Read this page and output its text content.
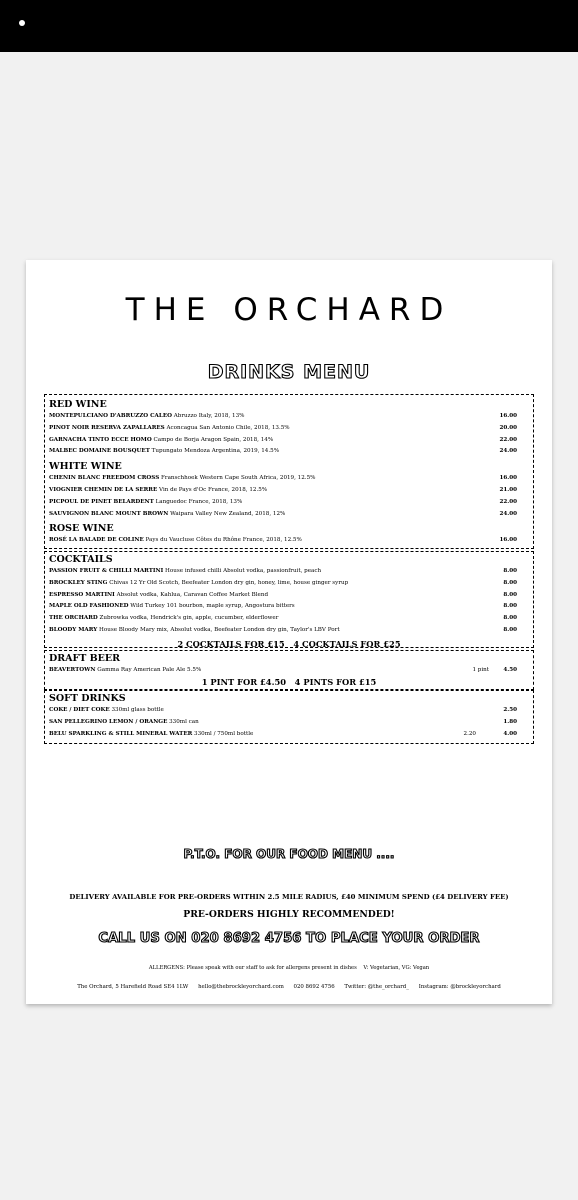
THE ORCHARD
DRINKS MENU
RED WINE
MONTEPULCIANO D'ABRUZZO CALEO Abruzzo Italy, 2018, 13%	16.00
PINOT NOIR RESERVA ZAPALLARES Aconcagua San Antonio Chile, 2018, 13.5%	20.00
GARNACHA TINTO ECCE HOMO Campo de Borja Aragon Spain, 2018, 14%	22.00
MALBEC DOMAINE BOUSQUET Tupungato Mendoza Argentina, 2019, 14.5%	24.00
WHITE WINE
CHENIN BLANC FREEDOM CROSS Franschhoek Western Cape South Africa, 2019, 12.5%	16.00
VIOGNIER CHEMIN DE LA SERRE Vin de Pays d'Oc France, 2018, 12.5%	21.00
PICPOUL DE PINET BELARDENT Languedoc France, 2018, 13%	22.00
SAUVIGNON BLANC MOUNT BROWN Waipara Valley New Zealand, 2018, 12%	24.00
ROSE WINE
ROSÉ LA BALADE DE COLINE Pays du Vaucluse Côtes du Rhône France, 2018, 12.5%	16.00
COCKTAILS
PASSION FRUIT & CHILLI MARTINI House infused chilli Absolut vodka, passionfruit, peach	8.00
BROCKLEY STING Chivas 12 Yr Old Scotch, Beefeater London dry gin, honey, lime, house ginger syrup	8.00
ESPRESSO MARTINI Absolut vodka, Kahlua, Caravan Coffee Market Blend	8.00
MAPLE OLD FASHIONED Wild Turkey 101 bourbon, maple syrup, Angostura bitters	8.00
THE ORCHARD Zubrowka vodka, Hendrick's gin, apple, cucumber, elderflower	8.00
BLOODY MARY House Bloody Mary mix, Absolut vodka, Beefeater London dry gin, Taylor's LBV Port	8.00
2 COCKTAILS FOR £15   4 COCKTAILS FOR £25
DRAFT BEER
BEAVERTOWN Gamma Ray American Pale Ale 5.5%	1 pint	4.50
1 PINT FOR £4.50   4 PINTS FOR £15
SOFT DRINKS
COKE / DIET COKE 330ml glass bottle	2.50
SAN PELLEGRINO LEMON / ORANGE 330ml can	1.80
BELU SPARKLING & STILL MINERAL WATER 330ml / 750ml bottle	2.20	4.00
P.T.O. FOR OUR FOOD MENU ....
DELIVERY AVAILABLE FOR PRE-ORDERS WITHIN 2.5 MILE RADIUS, £40 MINIMUM SPEND (£4 DELIVERY FEE)
PRE-ORDERS HIGHLY RECOMMENDED!
CALL US ON 020 8692 4756 TO PLACE YOUR ORDER
ALLERGENS: Please speak with our staff to ask for allergens present in dishes    V: Vegetarian, VG: Vegan
The Orchard, 5 Harefield Road SE4 1LW hello@thebrockleyorchard.com 020 8692 4756 Twitter: @the_orchard_ Instagram: @brockleyorchard
